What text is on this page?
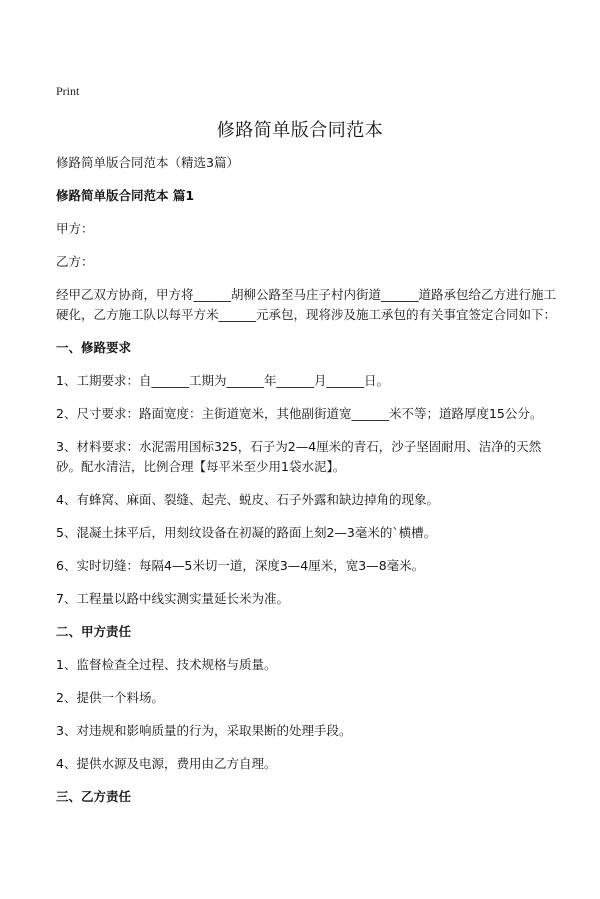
Print
修路简单版合同范本

修路简单版合同范本（精选3篇）

修路简单版合同范本 篇1

甲方：

乙方：

经甲乙双方协商，甲方将______胡柳公路至马庄子村内街道______道路承包给乙方进行施工硬化，乙方施工队以每平方米______元承包，现将涉及施工承包的有关事宜签定合同如下：

一、修路要求

1、工期要求：自______工期为______年______月______日。

2、尺寸要求：路面宽度：主街道宽米，其他副街道宽______米不等；道路厚度15公分。

3、材料要求：水泥需用国标325，石子为2—4厘米的青石，沙子坚固耐用、洁净的天然砂。配水清洁，比例合理【每平米至少用1袋水泥】。

4、有蜂窝、麻面、裂缝、起壳、蜕皮、石子外露和缺边掉角的现象。

5、混凝土抹平后，用刻纹设备在初凝的路面上刻2—3毫米的`横槽。

6、实时切缝：每隔4—5米切一道，深度3—4厘米，宽3—8毫米。

7、工程量以路中线实测实量延长米为准。

二、甲方责任

1、监督检查全过程、技术规格与质量。

2、提供一个料场。

3、对违规和影响质量的行为，采取果断的处理手段。

4、提供水源及电源，费用由乙方自理。

三、乙方责任
